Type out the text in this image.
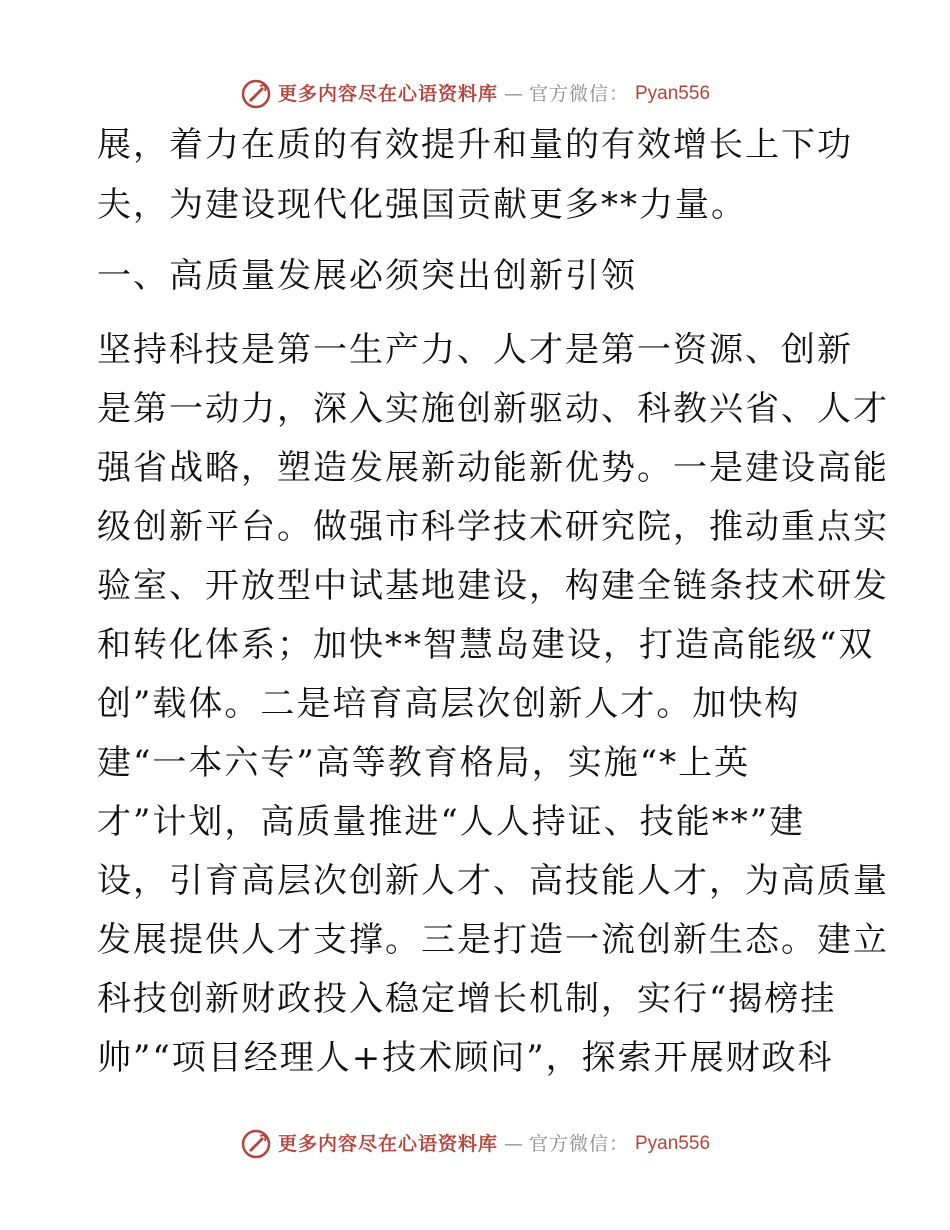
更多内容尽在心语资料库 — 官方微信： Pyan556
展，着力在质的有效提升和量的有效增长上下功
夫，为建设现代化强国贡献更多**力量。
一、高质量发展必须突出创新引领
坚持科技是第一生产力、人才是第一资源、创新
是第一动力，深入实施创新驱动、科教兴省、人才
强省战略，塑造发展新动能新优势。一是建设高能
级创新平台。做强市科学技术研究院，推动重点实
验室、开放型中试基地建设，构建全链条技术研发
和转化体系；加快**智慧岛建设，打造高能级“双
创”载体。二是培育高层次创新人才。加快构
建“一本六专”高等教育格局，实施“*上英
才”计划，高质量推进“人人持证、技能**”建
设，引育高层次创新人才、高技能人才，为高质量
发展提供人才支撑。三是打造一流创新生态。建立
科技创新财政投入稳定增长机制，实行“揭榜挂
帅”“项目经理人+技术顾问”，探索开展财政科
更多内容尽在心语资料库 — 官方微信： Pyan556
